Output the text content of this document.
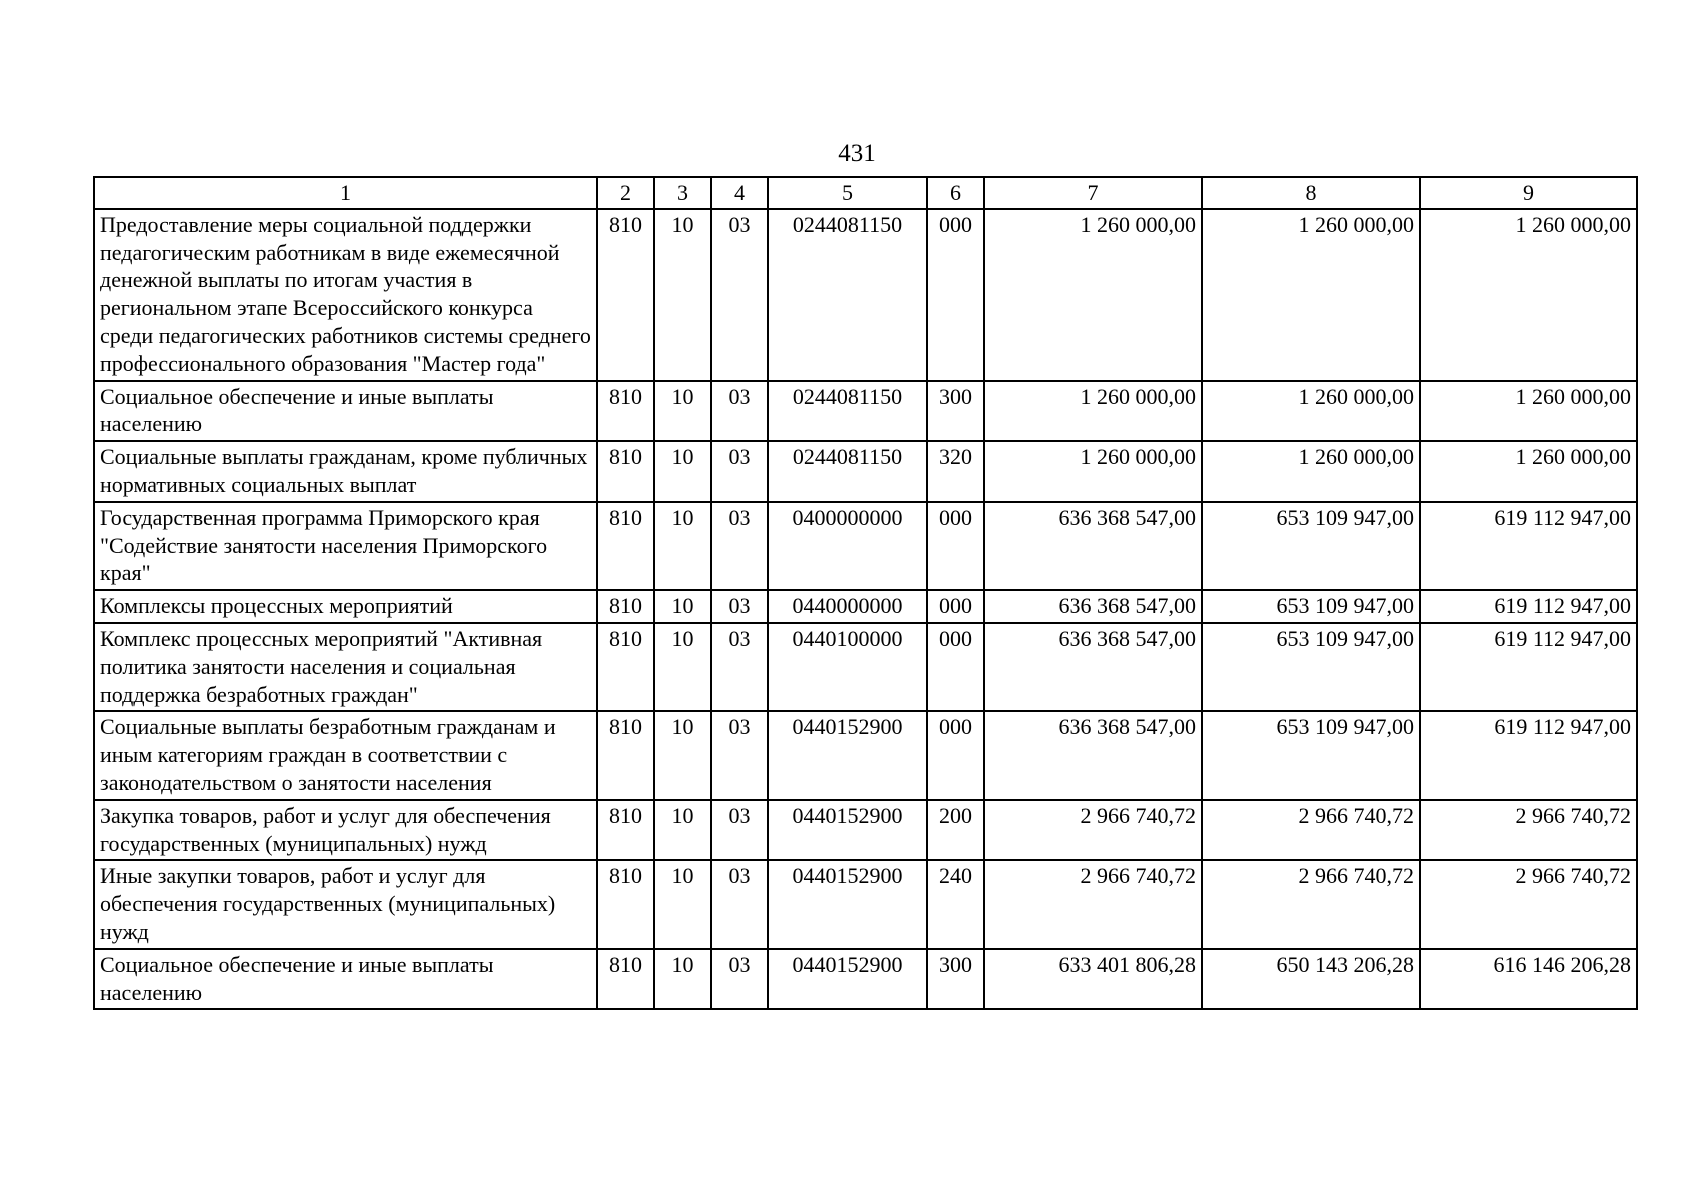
431
1	2	3	4	5	6	7	8	9
Предоставление меры социальной поддержки педагогическим работникам в виде ежемесячной денежной выплаты по итогам участия в региональном этапе Всероссийского конкурса среди педагогических работников системы среднего профессионального образования "Мастер года"	810	10	03	0244081150	000	1 260 000,00	1 260 000,00	1 260 000,00
Социальное обеспечение и иные выплаты населению	810	10	03	0244081150	300	1 260 000,00	1 260 000,00	1 260 000,00
Социальные выплаты гражданам, кроме публичных нормативных социальных выплат	810	10	03	0244081150	320	1 260 000,00	1 260 000,00	1 260 000,00
Государственная программа Приморского края "Содействие занятости населения Приморского края"	810	10	03	0400000000	000	636 368 547,00	653 109 947,00	619 112 947,00
Комплексы процессных мероприятий	810	10	03	0440000000	000	636 368 547,00	653 109 947,00	619 112 947,00
Комплекс процессных мероприятий "Активная политика занятости населения и социальная поддержка безработных граждан"	810	10	03	0440100000	000	636 368 547,00	653 109 947,00	619 112 947,00
Социальные выплаты безработным гражданам и иным категориям граждан в соответствии с законодательством о занятости населения	810	10	03	0440152900	000	636 368 547,00	653 109 947,00	619 112 947,00
Закупка товаров, работ и услуг для обеспечения государственных (муниципальных) нужд	810	10	03	0440152900	200	2 966 740,72	2 966 740,72	2 966 740,72
Иные закупки товаров, работ и услуг для обеспечения государственных (муниципальных) нужд	810	10	03	0440152900	240	2 966 740,72	2 966 740,72	2 966 740,72
Социальное обеспечение и иные выплаты населению	810	10	03	0440152900	300	633 401 806,28	650 143 206,28	616 146 206,28
